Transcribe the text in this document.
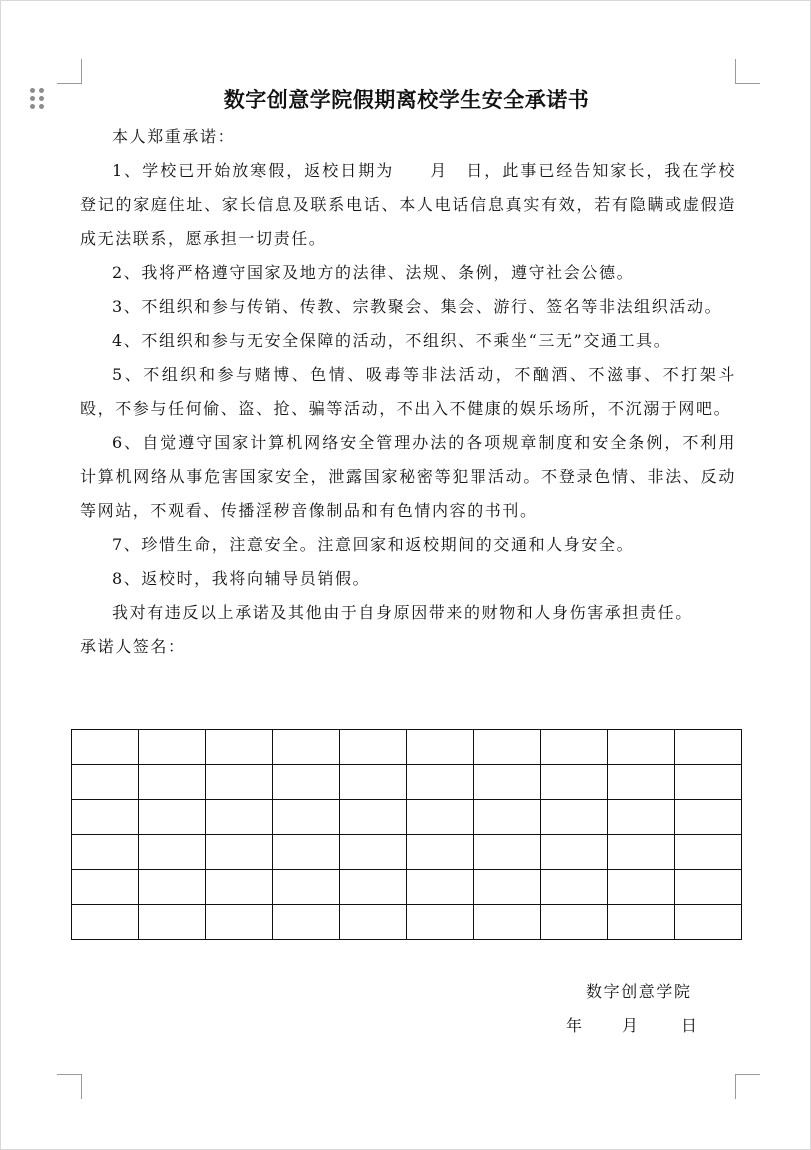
数字创意学院假期离校学生安全承诺书

本人郑重承诺：

1、学校已开始放寒假，返校日期为　　月　日，此事已经告知家长，我在学校登记的家庭住址、家长信息及联系电话、本人电话信息真实有效，若有隐瞒或虚假造成无法联系，愿承担一切责任。

2、我将严格遵守国家及地方的法律、法规、条例，遵守社会公德。

3、不组织和参与传销、传教、宗教聚会、集会、游行、签名等非法组织活动。

4、不组织和参与无安全保障的活动，不组织、不乘坐“三无”交通工具。

5、不组织和参与赌博、色情、吸毒等非法活动，不酗酒、不滋事、不打架斗殴，不参与任何偷、盗、抢、骗等活动，不出入不健康的娱乐场所，不沉溺于网吧。

6、自觉遵守国家计算机网络安全管理办法的各项规章制度和安全条例，不利用计算机网络从事危害国家安全，泄露国家秘密等犯罪活动。不登录色情、非法、反动等网站，不观看、传播淫秽音像制品和有色情内容的书刊。

7、珍惜生命，注意安全。注意回家和返校期间的交通和人身安全。

8、返校时，我将向辅导员销假。

我对有违反以上承诺及其他由于自身原因带来的财物和人身伤害承担责任。

承诺人签名：

数字创意学院
年 月	日
